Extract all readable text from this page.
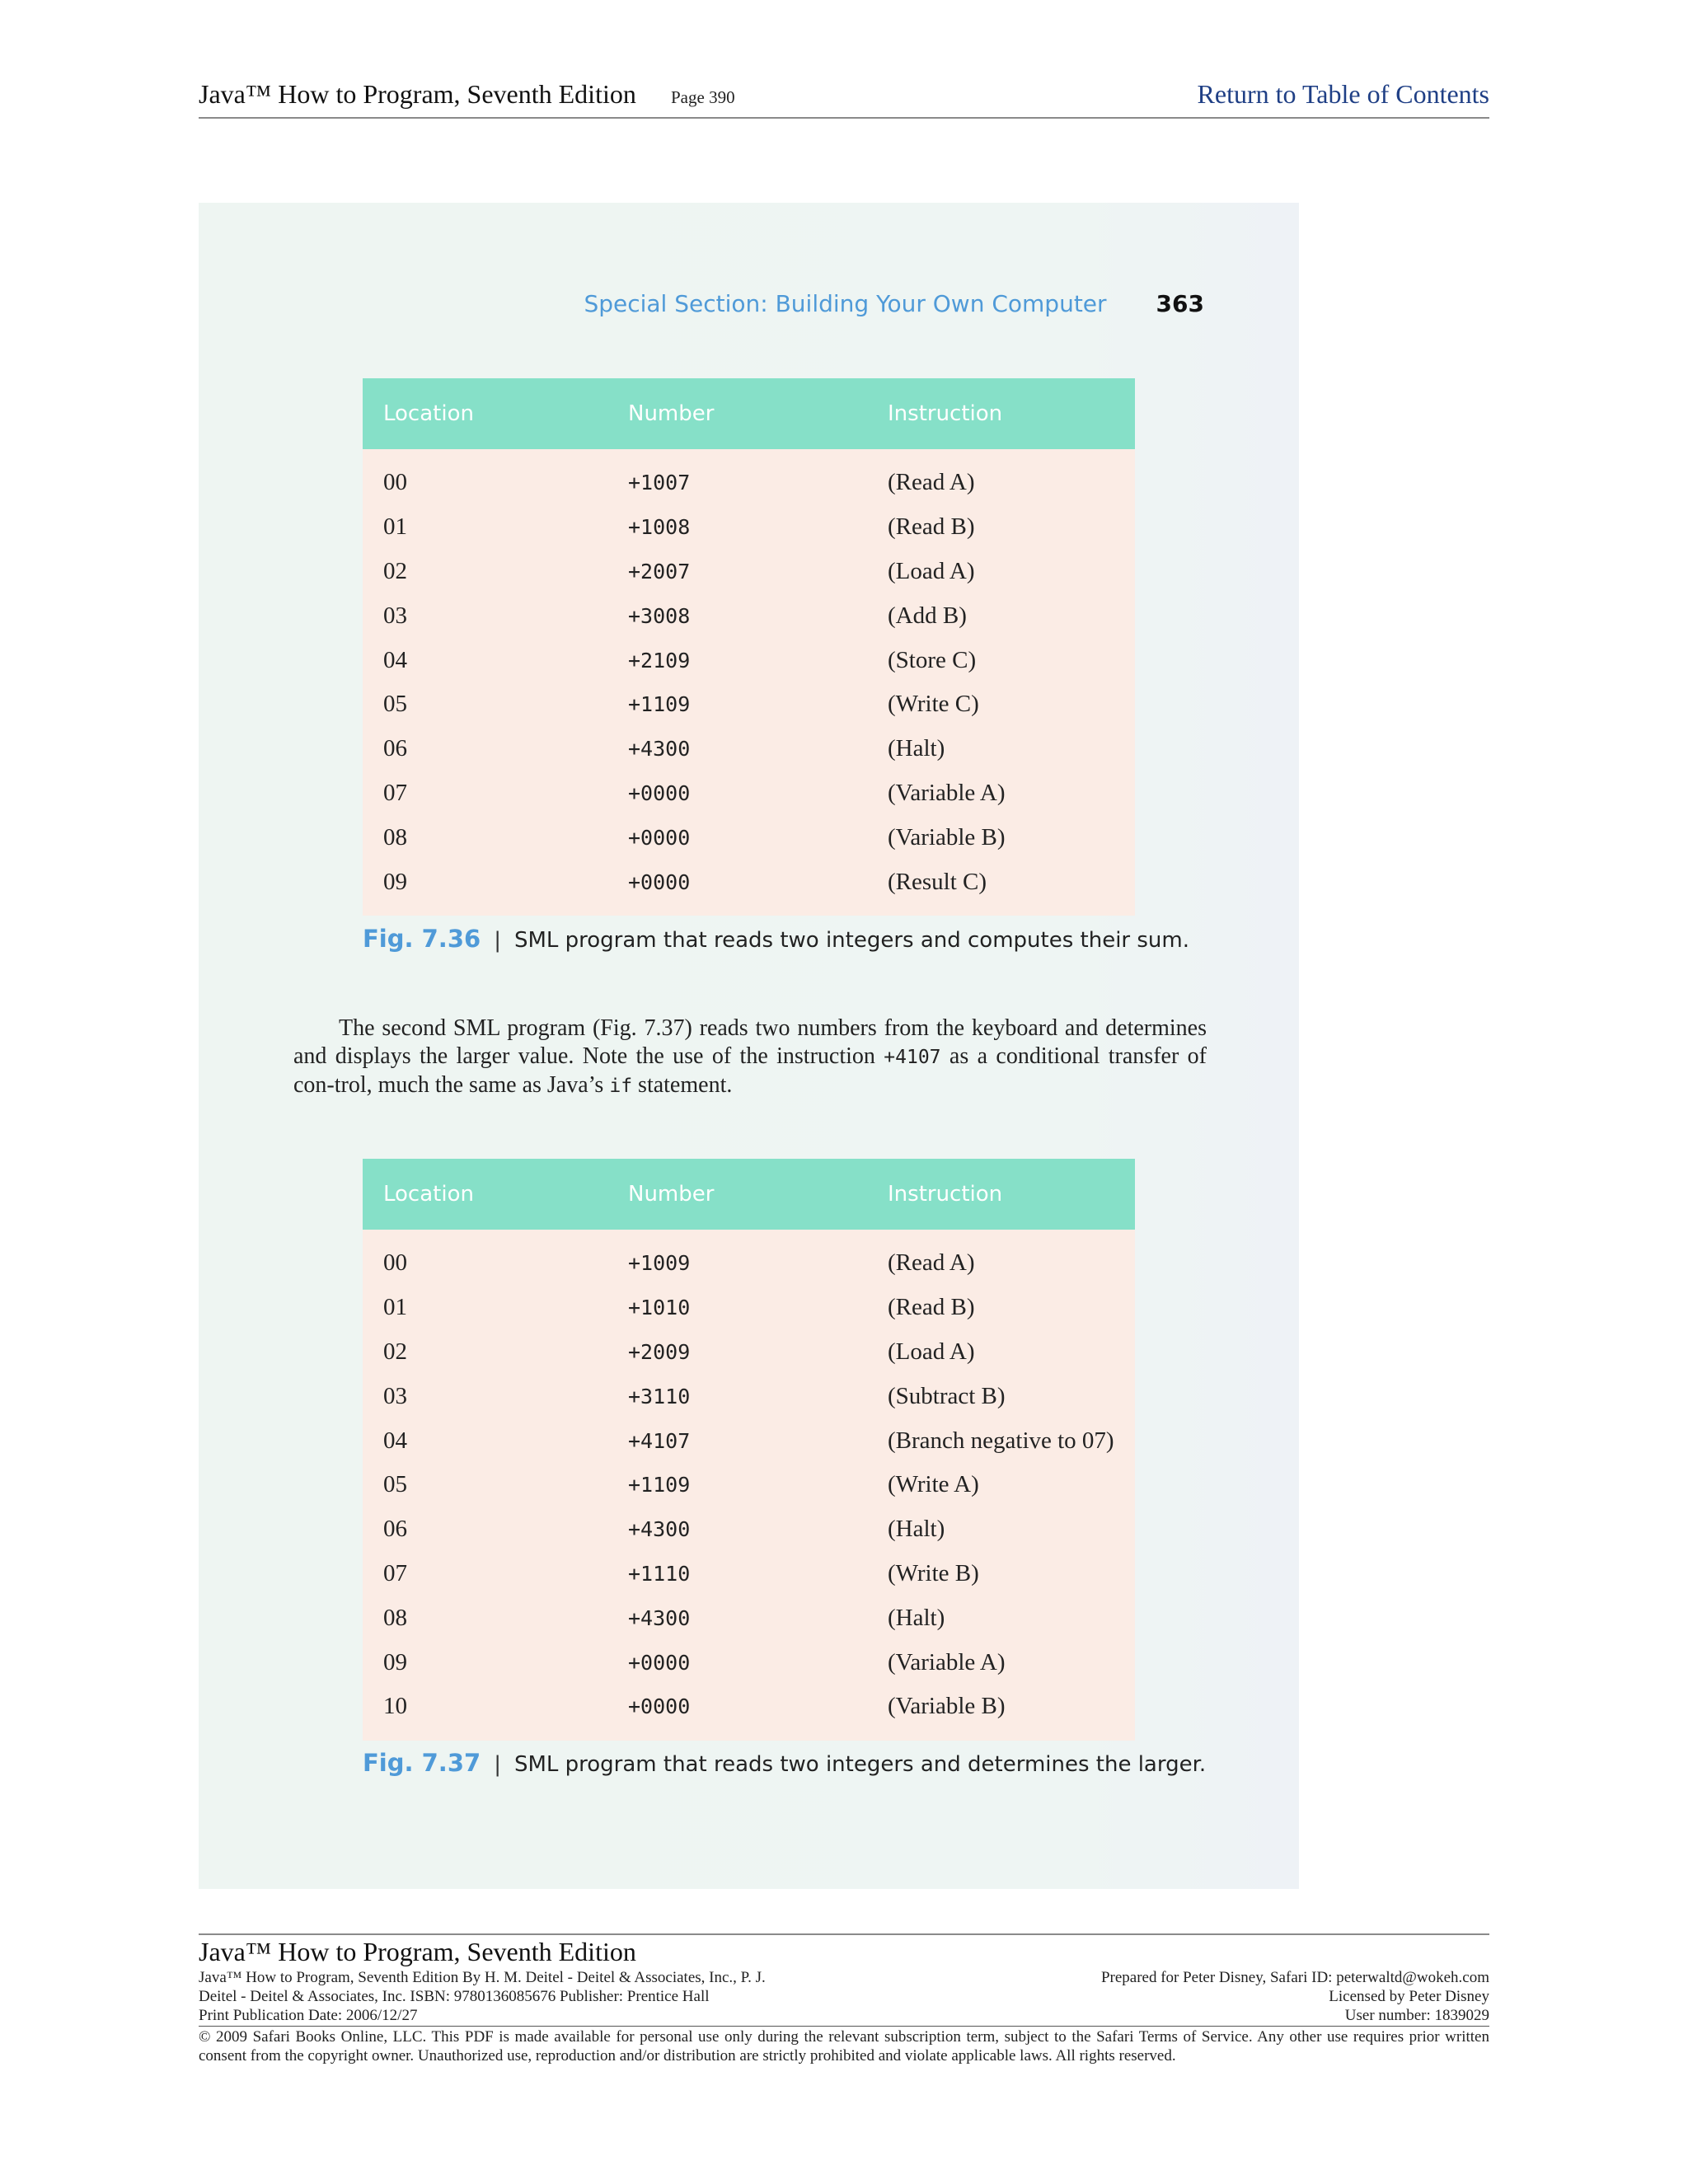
Java™ How to Program, Seventh Edition Page 390	Return to Table of Contents
Special Section: Building Your Own Computer 363
Location	Number	Instruction
00	+1007	(Read A)
01	+1008	(Read B)
02	+2007	(Load A)
03	+3008	(Add B)
04	+2109	(Store C)
05	+1109	(Write C)
06	+4300	(Halt)
07	+0000	(Variable A)
08	+0000	(Variable B)
09	+0000	(Result C)
Fig. 7.36 | SML program that reads two integers and computes their sum.
The second SML program (Fig. 7.37) reads two numbers from the keyboard and determines and displays the larger value. Note the use of the instruction +4107 as a conditional transfer of con-trol, much the same as Java’s if statement.
Location	Number	Instruction
00	+1009	(Read A)
01	+1010	(Read B)
02	+2009	(Load A)
03	+3110	(Subtract B)
04	+4107	(Branch negative to 07)
05	+1109	(Write A)
06	+4300	(Halt)
07	+1110	(Write B)
08	+4300	(Halt)
09	+0000	(Variable A)
10	+0000	(Variable B)
Fig. 7.37 | SML program that reads two integers and determines the larger.
Java™ How to Program, Seventh Edition
Java™ How to Program, Seventh Edition By H. M. Deitel - Deitel & Associates, Inc., P. J.
Deitel - Deitel & Associates, Inc. ISBN: 9780136085676 Publisher: Prentice Hall
Print Publication Date: 2006/12/27
Prepared for Peter Disney, Safari ID: peterwaltd@wokeh.com
Licensed by Peter Disney
User number: 1839029
© 2009 Safari Books Online, LLC. This PDF is made available for personal use only during the relevant subscription term, subject to the Safari Terms of Service. Any other use requires prior written consent from the copyright owner. Unauthorized use, reproduction and/or distribution are strictly prohibited and violate applicable laws. All rights reserved.
